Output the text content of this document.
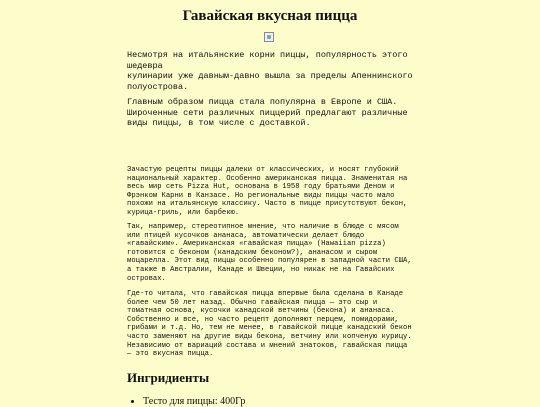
Гавайская вкусная пицца

Несмотря на итальянские корни пиццы, популярность этого
шедевра
кулинарии уже давным-давно вышла за пределы Апеннинского
полуострова.

Главным образом пицца стала популярна в Европе и США.
Широченные сети различных пиццерий предлагают различные
виды пиццы, в том числе с доставкой.

Зачастую рецепты пиццы далеки от классических, и носят глубокий национальный характер. Особенно американская пицца. Знаменитая на весь мир сеть Pizza Hut, основана в 1958 году братьями Деном и Фрэнком Карни в Канзасе. Но региональные виды пиццы часто мало похожи на итальянскую классику. Часто в пицце присутствуют бекон, курица-гриль, или барбекю.

Так, например, стереотипное мнение, что наличие в блюде с мясом или птицей кусочков ананаса, автоматически делает блюдо «гавайским». Американская «гавайская пицца» (Hawaiian pizza) готовится с беконом (канадским беконом?), ананасом и сыром моцарелла. Этот вид пиццы особенно популярен в западной части США, а также в Австралии, Канаде и Швеции, но никак не на Гавайских островах.

Где-то читала, что гавайская пицца впервые была сделана в Канаде более чем 50 лет назад. Обычно гавайская пицца — это сыр и томатная основа, кусочки канадской ветчины (бекона) и ананаса. Собственно и все, но часто рецепт дополняют перцем, помидорами, грибами и т.д. Но, тем не менее, в гавайской пицце канадский бекон часто заменяют на другие виды бекона, ветчину или копченую курицу. Независимо от вариаций состава и мнений знатоков, гавайская пицца — это вкусная пицца.

Ингридиенты
• Тесто для пиццы: 400Гр
